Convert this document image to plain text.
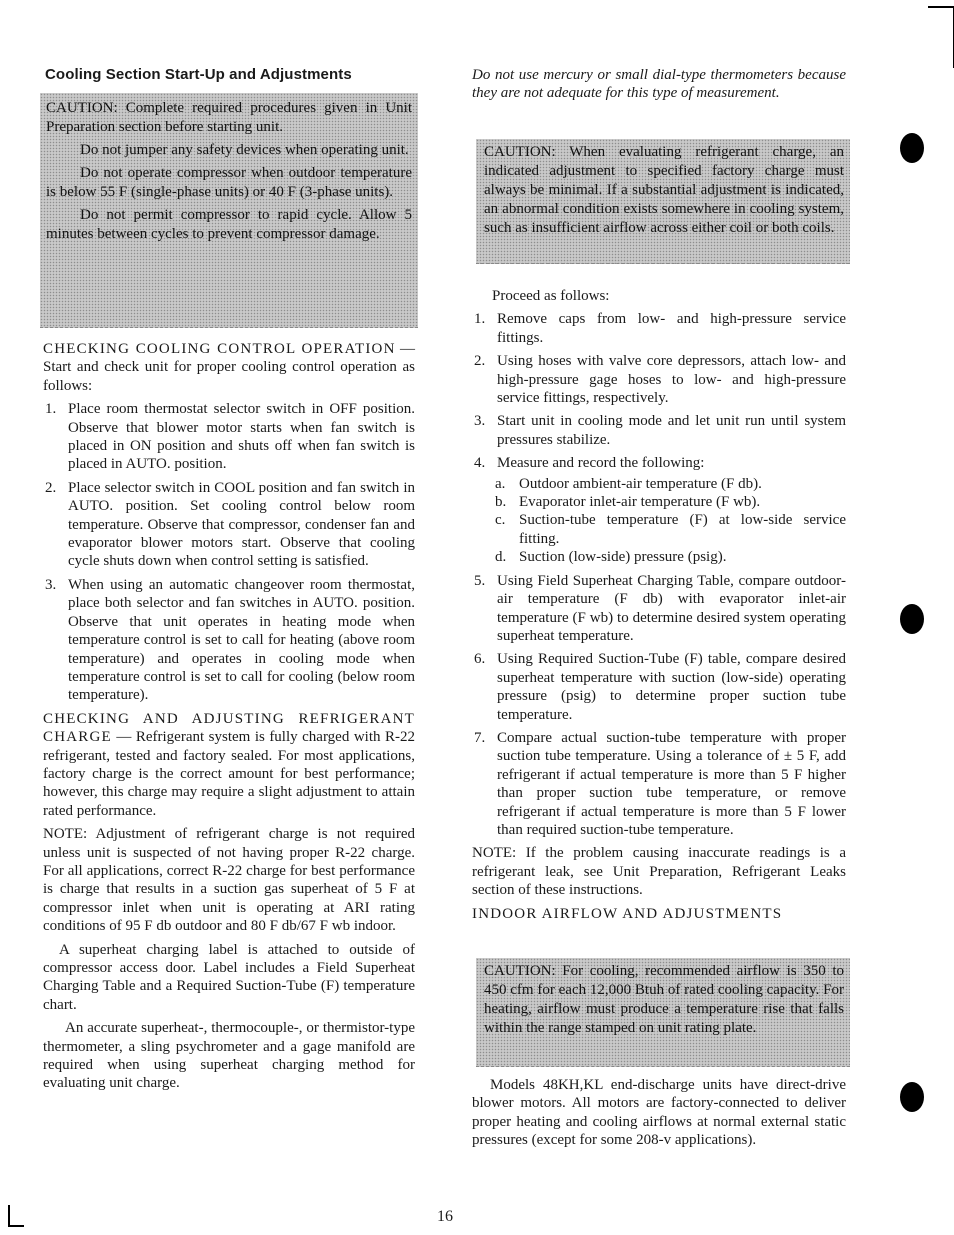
Cooling Section Start-Up and Adjustments

CAUTION: Complete required procedures given in Unit Preparation section before starting unit.

Do not jumper any safety devices when operating unit.

Do not operate compressor when outdoor temperature is below 55 F (single-phase units) or 40 F (3-phase units).

Do not permit compressor to rapid cycle. Allow 5 minutes between cycles to prevent compressor damage.

CHECKING COOLING CONTROL OPERATION — Start and check unit for proper cooling control operation as follows:

1. Place room thermostat selector switch in OFF position. Observe that blower motor starts when fan switch is placed in ON position and shuts off when fan switch is placed in AUTO. position.
2. Place selector switch in COOL position and fan switch in AUTO. position. Set cooling control below room temperature. Observe that compressor, condenser fan and evaporator blower motors start. Observe that cooling cycle shuts down when control setting is satisfied.
3. When using an automatic changeover room thermostat, place both selector and fan switches in AUTO. position. Observe that unit operates in heating mode when temperature control is set to call for heating (above room temperature) and operates in cooling mode when temperature control is set to call for cooling (below room temperature).

CHECKING AND ADJUSTING REFRIGERANT CHARGE — Refrigerant system is fully charged with R-22 refrigerant, tested and factory sealed. For most applications, factory charge is the correct amount for best performance; however, this charge may require a slight adjustment to attain rated performance.

NOTE: Adjustment of refrigerant charge is not required unless unit is suspected of not having proper R-22 charge. For all applications, correct R-22 charge for best performance is charge that results in a suction gas superheat of 5 F at compressor inlet when unit is operating at ARI rating conditions of 95 F db outdoor and 80 F db/67 F wb indoor.

A superheat charging label is attached to outside of compressor access door. Label includes a Field Superheat Charging Table and a Required Suction-Tube (F) temperature chart.

An accurate superheat-, thermocouple-, or thermistor-type thermometer, a sling psychrometer and a gage manifold are required when using superheat charging method for evaluating unit charge.

Do not use mercury or small dial-type thermometers because they are not adequate for this type of measurement.

CAUTION: When evaluating refrigerant charge, an indicated adjustment to specified factory charge must always be minimal. If a substantial adjustment is indicated, an abnormal condition exists somewhere in cooling system, such as insufficient airflow across either coil or both coils.

Proceed as follows:

1. Remove caps from low- and high-pressure service fittings.
2. Using hoses with valve core depressors, attach low- and high-pressure gage hoses to low- and high-pressure service fittings, respectively.
3. Start unit in cooling mode and let unit run until system pressures stabilize.
4. Measure and record the following:
a. Outdoor ambient-air temperature (F db).
b. Evaporator inlet-air temperature (F wb).
c. Suction-tube temperature (F) at low-side service fitting.
d. Suction (low-side) pressure (psig).
5. Using Field Superheat Charging Table, compare outdoor-air temperature (F db) with evaporator inlet-air temperature (F wb) to determine desired system operating superheat temperature.
6. Using Required Suction-Tube (F) table, compare desired superheat temperature with suction (low-side) operating pressure (psig) to determine proper suction tube temperature.
7. Compare actual suction-tube temperature with proper suction tube temperature. Using a tolerance of ± 5 F, add refrigerant if actual temperature is more than 5 F higher than proper suction tube temperature, or remove refrigerant if actual temperature is more than 5 F lower than required suction-tube temperature.

NOTE: If the problem causing inaccurate readings is a refrigerant leak, see Unit Preparation, Refrigerant Leaks section of these instructions.

INDOOR AIRFLOW AND ADJUSTMENTS

CAUTION: For cooling, recommended airflow is 350 to 450 cfm for each 12,000 Btuh of rated cooling capacity. For heating, airflow must produce a temperature rise that falls within the range stamped on unit rating plate.

Models 48KH,KL end-discharge units have direct-drive blower motors. All motors are factory-connected to deliver proper heating and cooling airflows at normal external static pressures (except for some 208-v applications).
16
